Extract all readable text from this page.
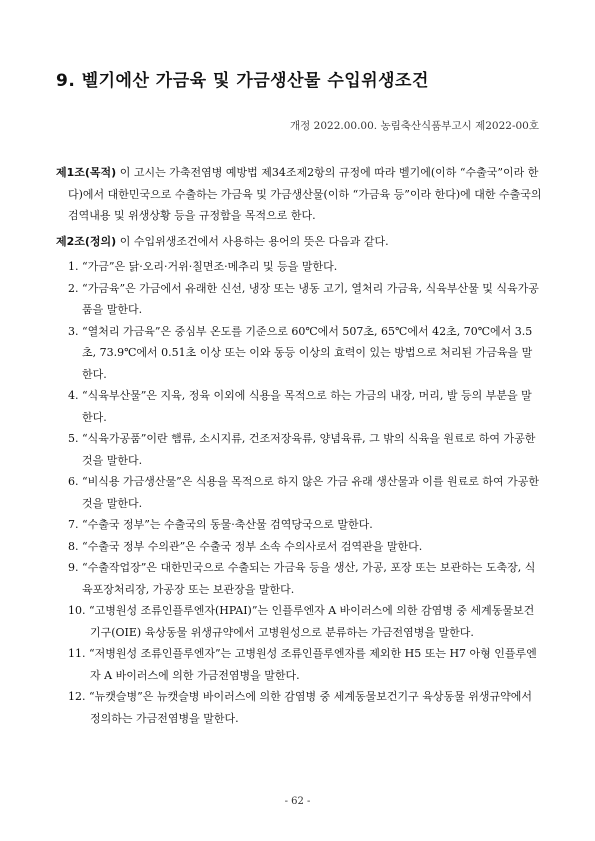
9. 벨기에산 가금육 및 가금생산물 수입위생조건
개정 2022.00.00. 농림축산식품부고시 제2022-00호

제1조(목적) 이 고시는 가축전염병 예방법 제34조제2항의 규정에 따라 벨기에(이하 “수출국”이라 한다)에서 대한민국으로 수출하는 가금육 및 가금생산물(이하 “가금육 등”이라 한다)에 대한 수출국의 검역내용 및 위생상황 등을 규정함을 목적으로 한다.

제2조(정의) 이 수입위생조건에서 사용하는 용어의 뜻은 다음과 같다.

1. “가금”은 닭·오리·거위·칠면조·메추리 및 등을 말한다.
2. “가금육”은 가금에서 유래한 신선, 냉장 또는 냉동 고기, 열처리 가금육, 식육부산물 및 식육가공품을 말한다.
3. “열처리 가금육”은 중심부 온도를 기준으로 60℃에서 507초, 65℃에서 42초, 70℃에서 3.5초, 73.9℃에서 0.51초 이상 또는 이와 동등 이상의 효력이 있는 방법으로 처리된 가금육을 말한다.
4. “식육부산물”은 지육, 정육 이외에 식용을 목적으로 하는 가금의 내장, 머리, 발 등의 부분을 말한다.
5. “식육가공품”이란 햄류, 소시지류, 건조저장육류, 양념육류, 그 밖의 식육을 원료로 하여 가공한 것을 말한다.
6. “비식용 가금생산물”은 식용을 목적으로 하지 않은 가금 유래 생산물과 이를 원료로 하여 가공한 것을 말한다.
7. “수출국 정부”는 수출국의 동물·축산물 검역당국으로 말한다.
8. “수출국 정부 수의관”은 수출국 정부 소속 수의사로서 검역관을 말한다.
9. “수출작업장”은 대한민국으로 수출되는 가금육 등을 생산, 가공, 포장 또는 보관하는 도축장, 식육포장처리장, 가공장 또는 보관장을 말한다.
10. “고병원성 조류인플루엔자(HPAI)”는 인플루엔자 A 바이러스에 의한 감염병 중 세계동물보건기구(OIE) 육상동물 위생규약에서 고병원성으로 분류하는 가금전염병을 말한다.
11. “저병원성 조류인플루엔자”는 고병원성 조류인플루엔자를 제외한 H5 또는 H7 아형 인플루엔자 A 바이러스에 의한 가금전염병을 말한다.
12. “뉴캣슬병”은 뉴캣슬병 바이러스에 의한 감염병 중 세계동물보건기구 육상동물 위생규약에서 정의하는 가금전염병을 말한다.
- 62 -
